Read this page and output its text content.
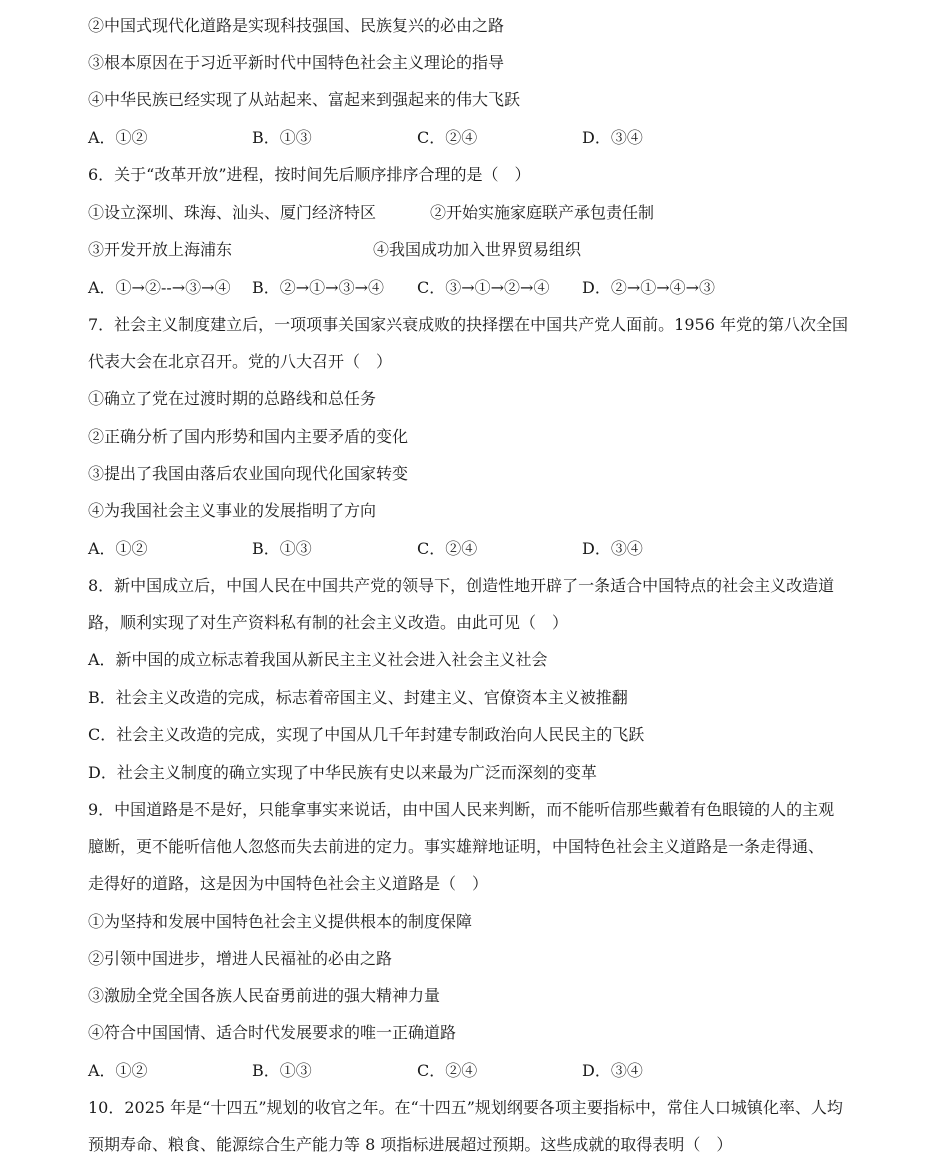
②中国式现代化道路是实现科技强国、民族复兴的必由之路
③根本原因在于习近平新时代中国特色社会主义理论的指导
④中华民族已经实现了从站起来、富起来到强起来的伟大飞跃
A．①②	B．①③	C．②④	D．③④
6．关于“改革开放”进程，按时间先后顺序排序合理的是（　）
①设立深圳、珠海、汕头、厦门经济特区	②开始实施家庭联产承包责任制
③开发开放上海浦东	④我国成功加入世界贸易组织
A．①→②--→③→④ B．②→①→③→④ C．③→①→②→④ D．②→①→④→③
7．社会主义制度建立后，一项项事关国家兴衰成败的抉择摆在中国共产党人面前。1956 年党的第八次全国
代表大会在北京召开。党的八大召开（　）
①确立了党在过渡时期的总路线和总任务
②正确分析了国内形势和国内主要矛盾的变化
③提出了我国由落后农业国向现代化国家转变
④为我国社会主义事业的发展指明了方向
A．①②	B．①③	C．②④	D．③④
8．新中国成立后，中国人民在中国共产党的领导下，创造性地开辟了一条适合中国特点的社会主义改造道
路，顺利实现了对生产资料私有制的社会主义改造。由此可见（　）
A．新中国的成立标志着我国从新民主主义社会进入社会主义社会
B．社会主义改造的完成，标志着帝国主义、封建主义、官僚资本主义被推翻
C．社会主义改造的完成，实现了中国从几千年封建专制政治向人民民主的飞跃
D．社会主义制度的确立实现了中华民族有史以来最为广泛而深刻的变革
9．中国道路是不是好，只能拿事实来说话，由中国人民来判断，而不能听信那些戴着有色眼镜的人的主观
臆断，更不能听信他人忽悠而失去前进的定力。事实雄辩地证明，中国特色社会主义道路是一条走得通、
走得好的道路，这是因为中国特色社会主义道路是（　）
①为坚持和发展中国特色社会主义提供根本的制度保障
②引领中国进步，增进人民福祉的必由之路
③激励全党全国各族人民奋勇前进的强大精神力量
④符合中国国情、适合时代发展要求的唯一正确道路
A．①②	B．①③	C．②④	D．③④
10．2025 年是“十四五”规划的收官之年。在“十四五”规划纲要各项主要指标中，常住人口城镇化率、人均
预期寿命、粮食、能源综合生产能力等 8 项指标进展超过预期。这些成就的取得表明（　）
